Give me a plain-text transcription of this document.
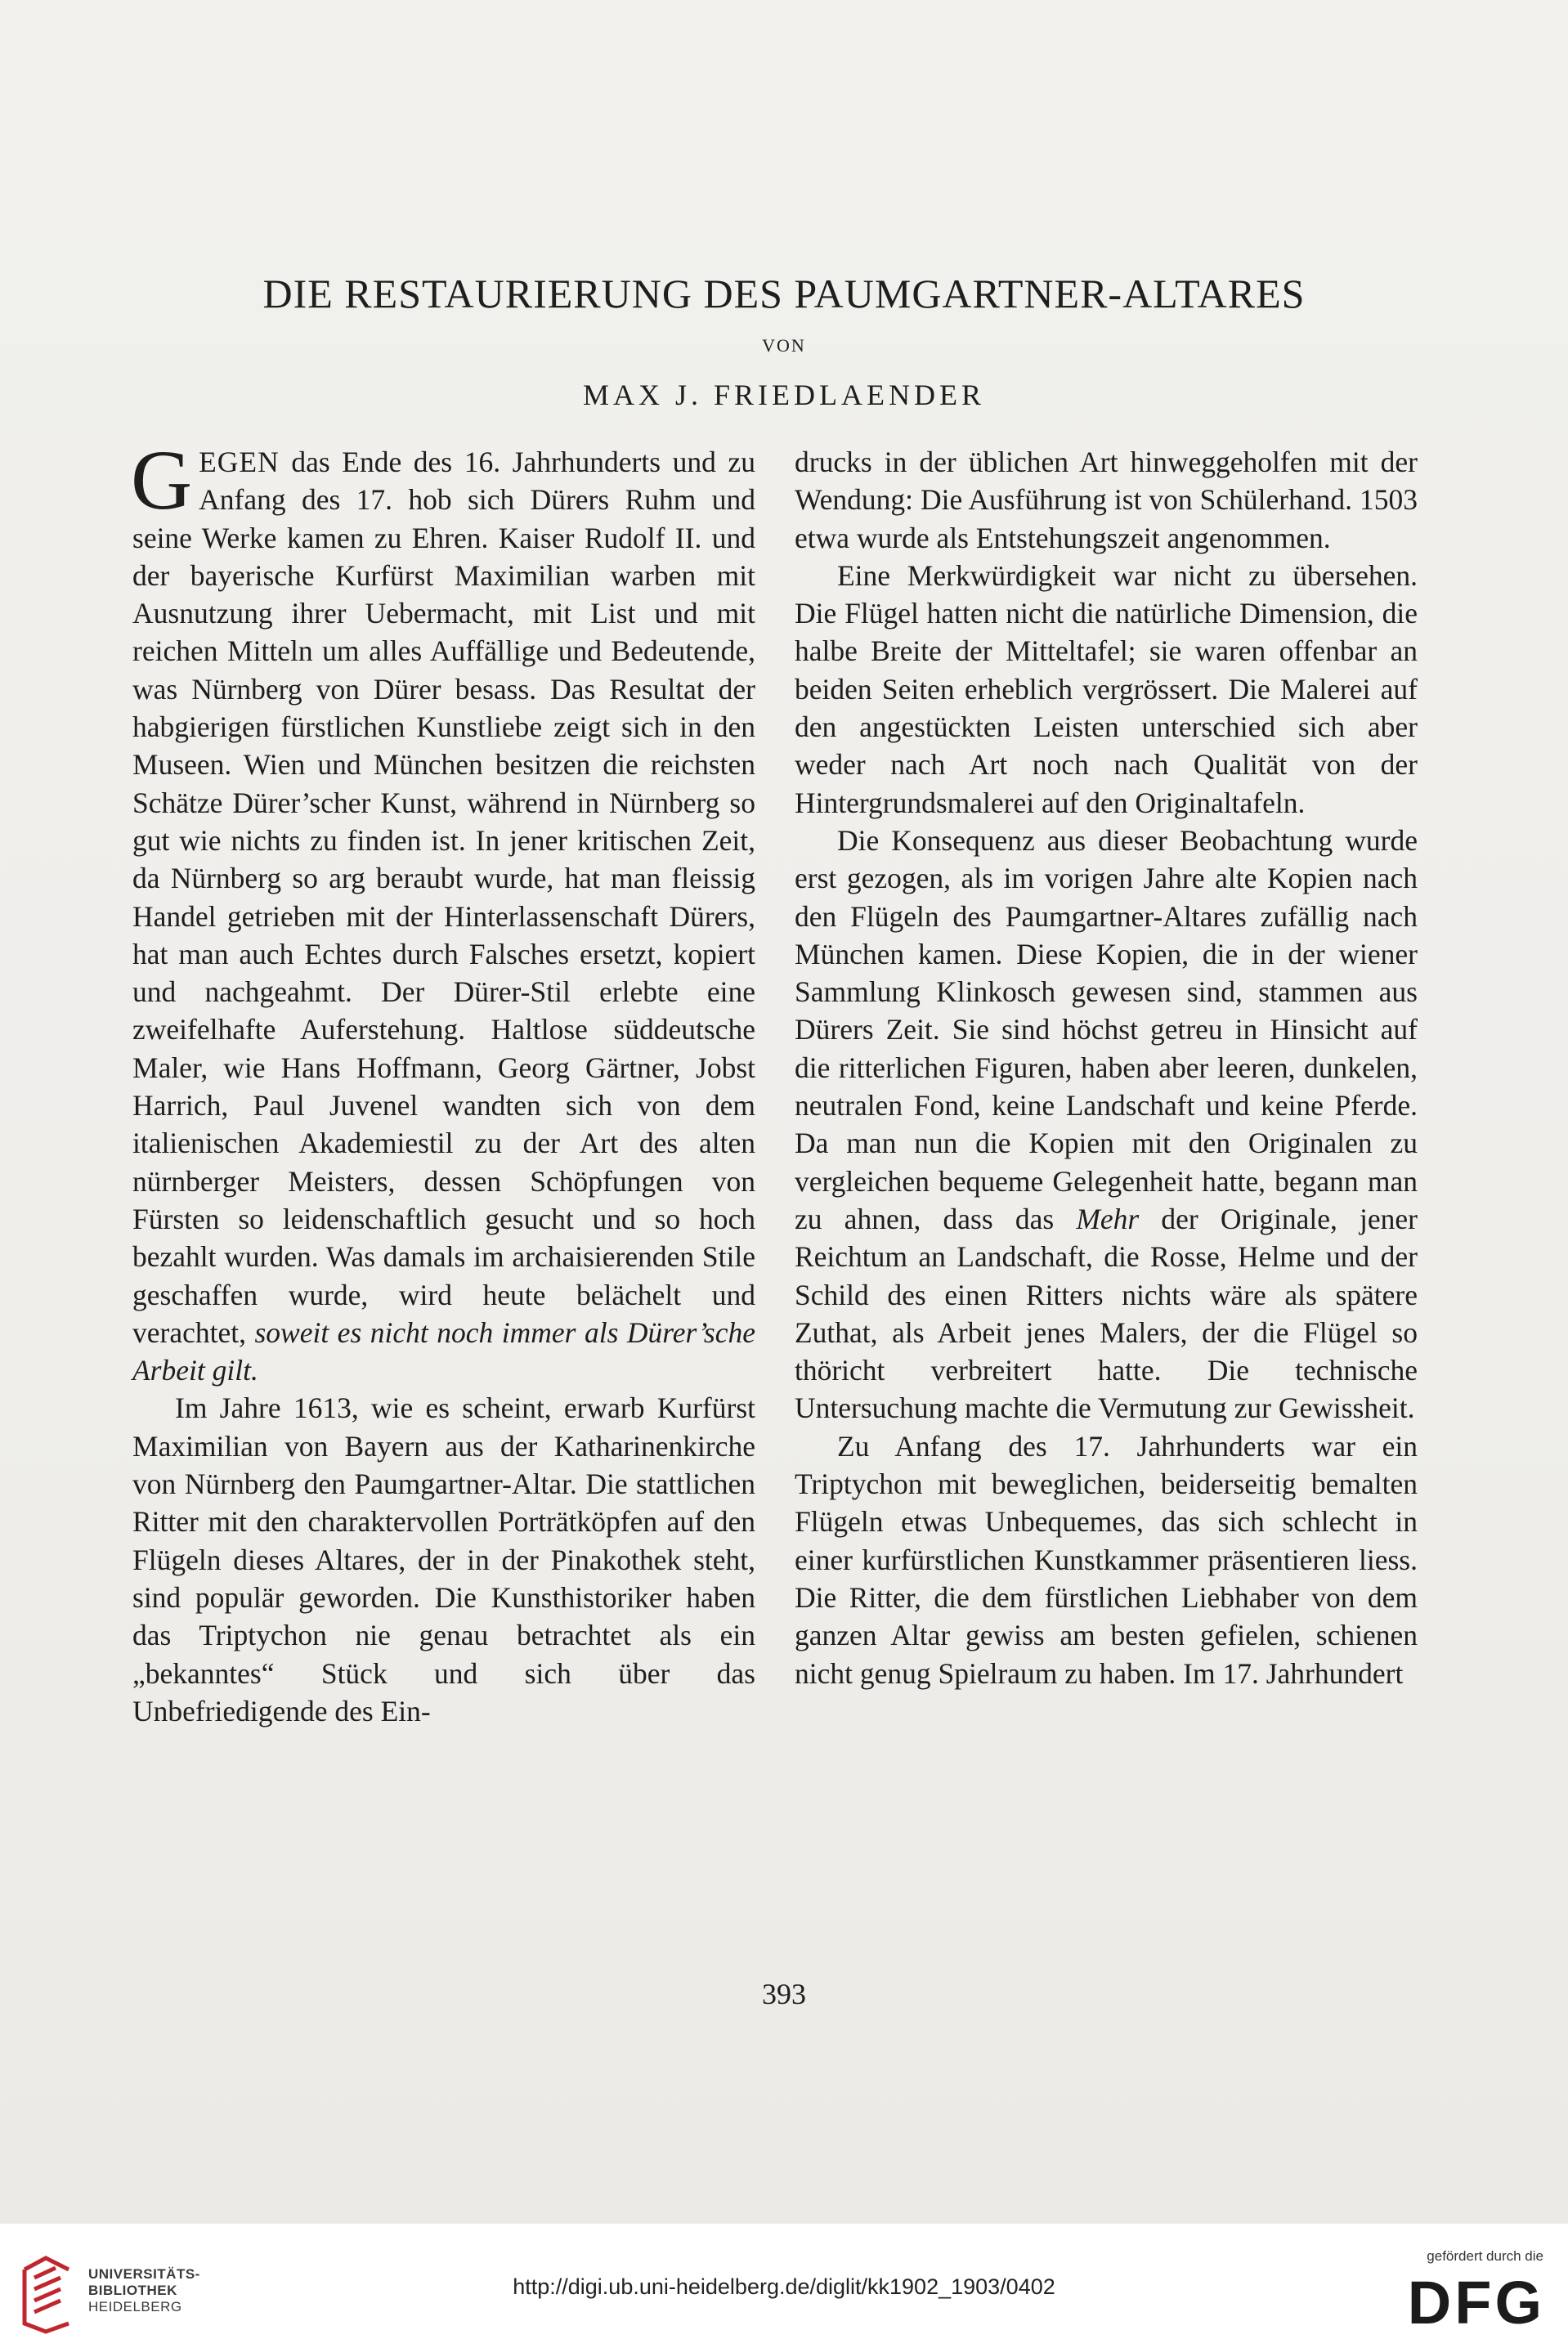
DIE RESTAURIERUNG DES PAUMGARTNER-ALTARES
VON
MAX J. FRIEDLAENDER

GEGEN das Ende des 16. Jahrhunderts und zu Anfang des 17. hob sich Dürers Ruhm und seine Werke kamen zu Ehren. Kaiser Rudolf II. und der bayerische Kurfürst Maximilian warben mit Ausnutzung ihrer Uebermacht, mit List und mit reichen Mitteln um alles Auffällige und Bedeutende, was Nürnberg von Dürer besass. Das Resultat der habgierigen fürstlichen Kunstliebe zeigt sich in den Museen. Wien und München besitzen die reichsten Schätze Dürer’scher Kunst, während in Nürnberg so gut wie nichts zu finden ist. In jener kritischen Zeit, da Nürnberg so arg beraubt wurde, hat man fleissig Handel getrieben mit der Hinterlassenschaft Dürers, hat man auch Echtes durch Falsches ersetzt, kopiert und nachgeahmt. Der Dürer-Stil erlebte eine zweifelhafte Auferstehung. Haltlose süddeutsche Maler, wie Hans Hoffmann, Georg Gärtner, Jobst Harrich, Paul Juvenel wandten sich von dem italienischen Akademiestil zu der Art des alten nürnberger Meisters, dessen Schöpfungen von Fürsten so leidenschaftlich gesucht und so hoch bezahlt wurden. Was damals im archaisierenden Stile geschaffen wurde, wird heute belächelt und verachtet, soweit es nicht noch immer als Dürer’sche Arbeit gilt.

Im Jahre 1613, wie es scheint, erwarb Kurfürst Maximilian von Bayern aus der Katharinenkirche von Nürnberg den Paumgartner-Altar. Die stattlichen Ritter mit den charaktervollen Porträtköpfen auf den Flügeln dieses Altares, der in der Pinakothek steht, sind populär geworden. Die Kunsthistoriker haben das Triptychon nie genau betrachtet als ein „bekanntes“ Stück und sich über das Unbefriedigende des Ein-

drucks in der üblichen Art hinweggeholfen mit der Wendung: Die Ausführung ist von Schülerhand. 1503 etwa wurde als Entstehungszeit angenommen.

Eine Merkwürdigkeit war nicht zu übersehen. Die Flügel hatten nicht die natürliche Dimension, die halbe Breite der Mitteltafel; sie waren offenbar an beiden Seiten erheblich vergrössert. Die Malerei auf den angestückten Leisten unterschied sich aber weder nach Art noch nach Qualität von der Hintergrundsmalerei auf den Originaltafeln.

Die Konsequenz aus dieser Beobachtung wurde erst gezogen, als im vorigen Jahre alte Kopien nach den Flügeln des Paumgartner-Altares zufällig nach München kamen. Diese Kopien, die in der wiener Sammlung Klinkosch gewesen sind, stammen aus Dürers Zeit. Sie sind höchst getreu in Hinsicht auf die ritterlichen Figuren, haben aber leeren, dunkelen, neutralen Fond, keine Landschaft und keine Pferde. Da man nun die Kopien mit den Originalen zu vergleichen bequeme Gelegenheit hatte, begann man zu ahnen, dass das Mehr der Originale, jener Reichtum an Landschaft, die Rosse, Helme und der Schild des einen Ritters nichts wäre als spätere Zuthat, als Arbeit jenes Malers, der die Flügel so thöricht verbreitert hatte. Die technische Untersuchung machte die Vermutung zur Gewissheit.

Zu Anfang des 17. Jahrhunderts war ein Triptychon mit beweglichen, beiderseitig bemalten Flügeln etwas Unbequemes, das sich schlecht in einer kurfürstlichen Kunstkammer präsentieren liess. Die Ritter, die dem fürstlichen Liebhaber von dem ganzen Altar gewiss am besten gefielen, schienen nicht genug Spielraum zu haben. Im 17. Jahrhundert

393
UNIVERSITÄTS-
BIBLIOTHEK
HEIDELBERG
http://digi.ub.uni-heidelberg.de/diglit/kk1902_1903/0402
gefördert durch die
DFG
